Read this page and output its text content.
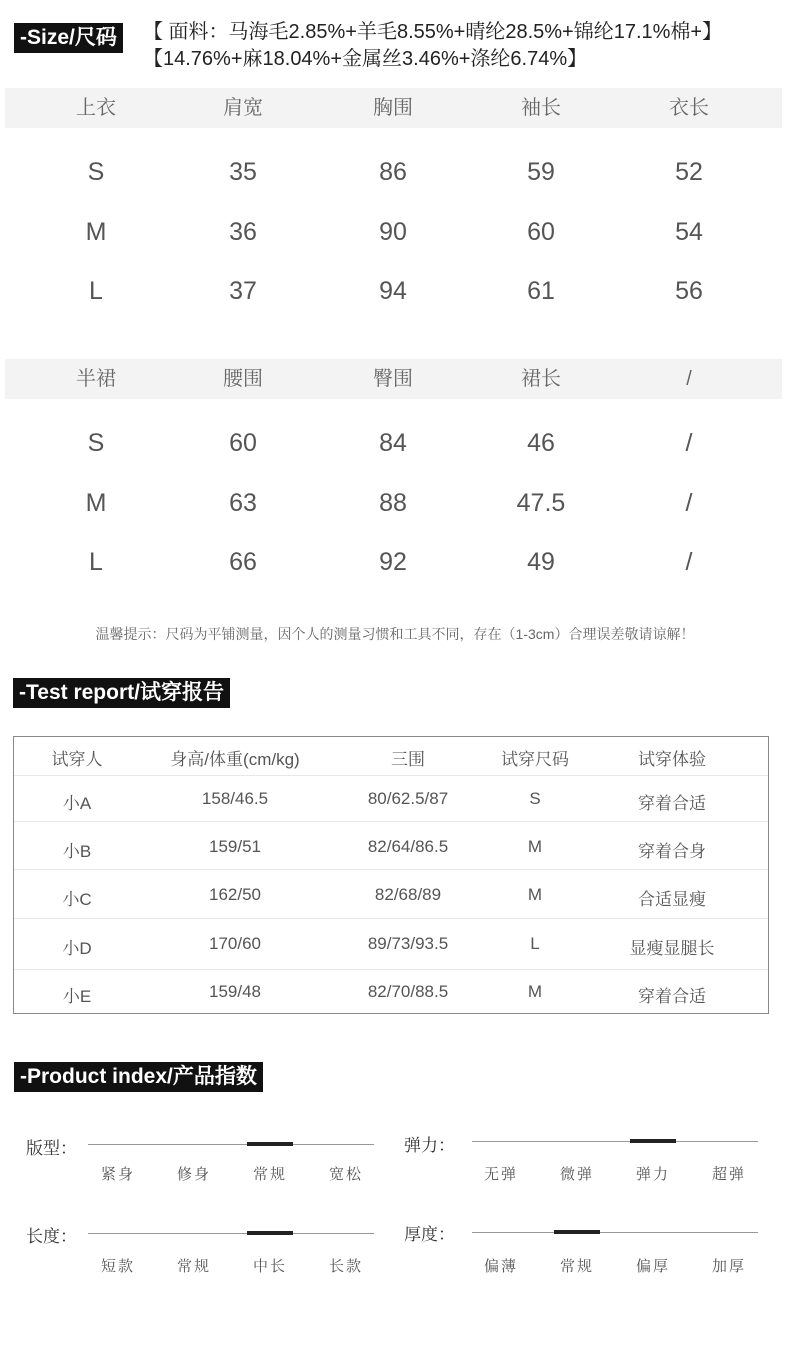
-Size/尺码	【 面料：马海毛2.85%+羊毛8.55%+晴纶28.5%+锦纶17.1%棉+】
【14.76%+麻18.04%+金属丝3.46%+涤纶6.74%】
上衣	肩宽	胸围	袖长	衣长
S	35	86	59	52
M	36	90	60	54
L	37	94	61	56
半裙	腰围	臀围	裙长	/
S	60	84	46	/
M	63	88	47.5	/
L	66	92	49	/
温馨提示：尺码为平铺测量，因个人的测量习惯和工具不同，存在（1-3cm）合理误差敬请谅解！
-Test report/试穿报告
试穿人	身高/体重(cm/kg)	三围	试穿尺码	试穿体验
小A	158/46.5	80/62.5/87	S	穿着合适
小B	159/51	82/64/86.5	M	穿着合身
小C	162/50	82/68/89	M	合适显瘦
小D	170/60	89/73/93.5	L	显瘦显腿长
小E	159/48	82/70/88.5	M	穿着合适
-Product index/产品指数
版型：
紧身	修身	常规	宽松
弹力：
无弹	微弹	弹力	超弹
长度：
短款	常规	中长	长款
厚度：
偏薄	常规	偏厚	加厚
